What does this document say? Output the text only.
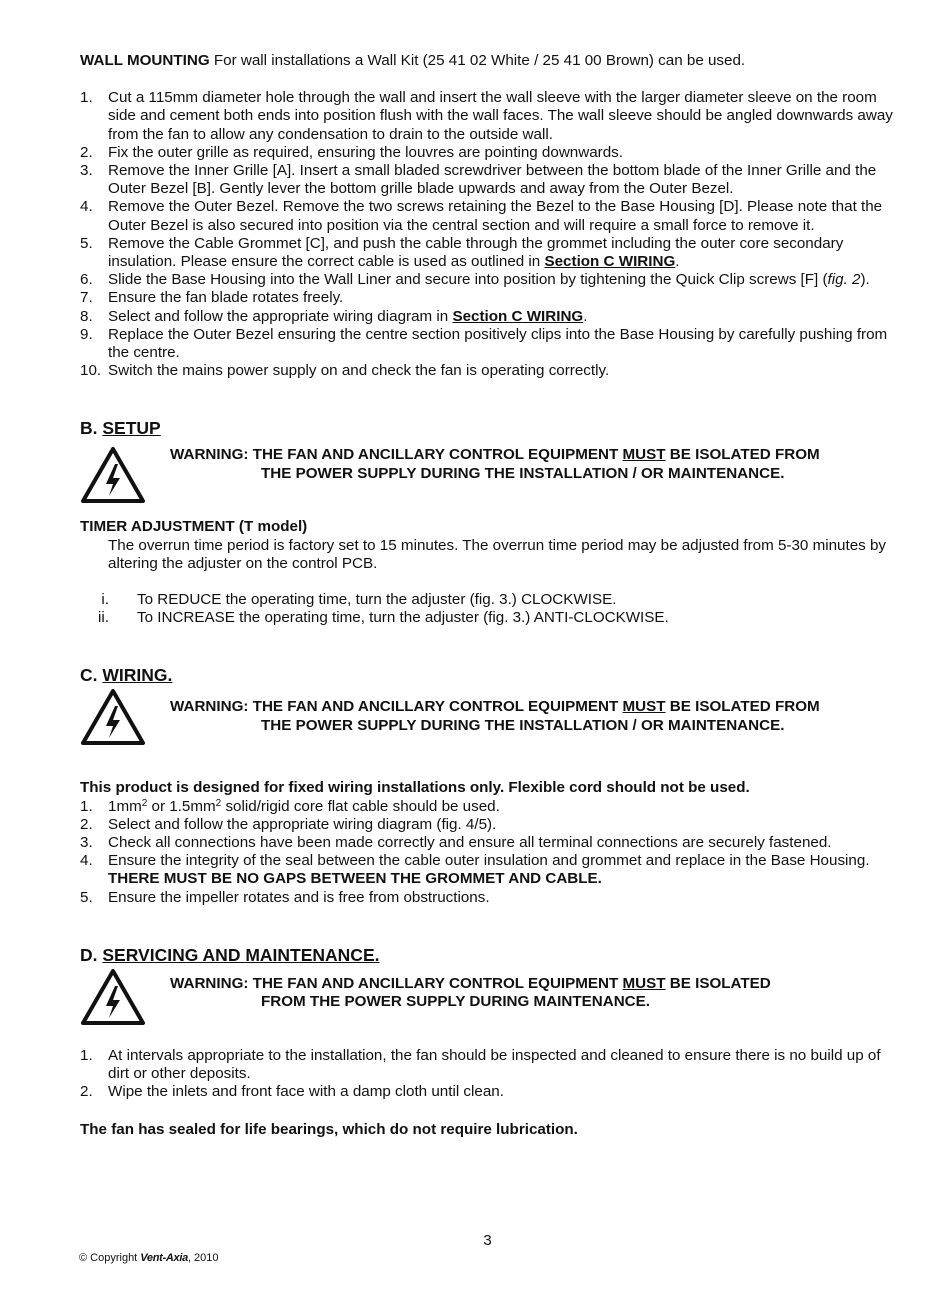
WALL MOUNTING For wall installations a Wall Kit (25 41 02 White / 25 41 00 Brown) can be used.

1. Cut a 115mm diameter hole through the wall and insert the wall sleeve with the larger diameter sleeve on the room side and cement both ends into position flush with the wall faces. The wall sleeve should be angled downwards away from the fan to allow any condensation to drain to the outside wall.
2. Fix the outer grille as required, ensuring the louvres are pointing downwards.
3. Remove the Inner Grille [A]. Insert a small bladed screwdriver between the bottom blade of the Inner Grille and the Outer Bezel [B]. Gently lever the bottom grille blade upwards and away from the Outer Bezel.
4. Remove the Outer Bezel. Remove the two screws retaining the Bezel to the Base Housing [D]. Please note that the Outer Bezel is also secured into position via the central section and will require a small force to remove it.
5. Remove the Cable Grommet [C], and push the cable through the grommet including the outer core secondary insulation. Please ensure the correct cable is used as outlined in Section C WIRING.
6. Slide the Base Housing into the Wall Liner and secure into position by tightening the Quick Clip screws [F] (fig. 2).
7. Ensure the fan blade rotates freely.
8. Select and follow the appropriate wiring diagram in Section C WIRING.
9. Replace the Outer Bezel ensuring the centre section positively clips into the Base Housing by carefully pushing from the centre.
10. Switch the mains power supply on and check the fan is operating correctly.
B. SETUP
WARNING: THE FAN AND ANCILLARY CONTROL EQUIPMENT MUST BE ISOLATED FROM
THE POWER SUPPLY DURING THE INSTALLATION / OR MAINTENANCE.

TIMER ADJUSTMENT (T model)

The overrun time period is factory set to 15 minutes. The overrun time period may be adjusted from 5-30 minutes by altering the adjuster on the control PCB.

i. To REDUCE the operating time, turn the adjuster (fig. 3.) CLOCKWISE.
ii. To INCREASE the operating time, turn the adjuster (fig. 3.) ANTI-CLOCKWISE.
C. WIRING.
WARNING: THE FAN AND ANCILLARY CONTROL EQUIPMENT MUST BE ISOLATED FROM
THE POWER SUPPLY DURING THE INSTALLATION / OR MAINTENANCE.

This product is designed for fixed wiring installations only. Flexible cord should not be used.

1. $1mm^2$ or $1.5mm^2$ solid/rigid core flat cable should be used.
2. Select and follow the appropriate wiring diagram (fig. 4/5).
3. Check all connections have been made correctly and ensure all terminal connections are securely fastened.
4. Ensure the integrity of the seal between the cable outer insulation and grommet and replace in the Base Housing. THERE MUST BE NO GAPS BETWEEN THE GROMMET AND CABLE.
5. Ensure the impeller rotates and is free from obstructions.
D. SERVICING AND MAINTENANCE.
WARNING: THE FAN AND ANCILLARY CONTROL EQUIPMENT MUST BE ISOLATED
FROM THE POWER SUPPLY DURING MAINTENANCE.
1. At intervals appropriate to the installation, the fan should be inspected and cleaned to ensure there is no build up of dirt or other deposits.
2. Wipe the inlets and front face with a damp cloth until clean.

The fan has sealed for life bearings, which do not require lubrication.

3
© Copyright Vent-Axia, 2010
